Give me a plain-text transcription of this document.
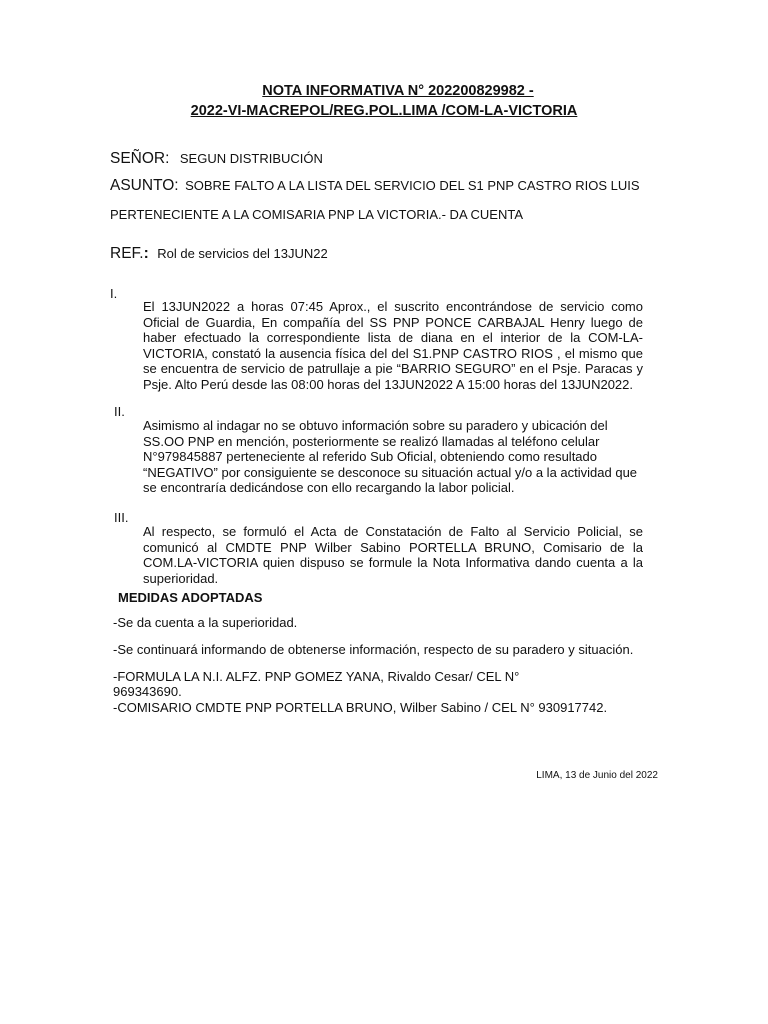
NOTA INFORMATIVA N° 202200829982 -
2022-VI-MACREPOL/REG.POL.LIMA /COM-LA-VICTORIA
SEÑOR: SEGUN DISTRIBUCIÓN
ASUNTO: SOBRE FALTO A LA LISTA DEL SERVICIO DEL S1 PNP CASTRO RIOS LUIS
PERTENECIENTE A LA COMISARIA PNP LA VICTORIA.- DA CUENTA
REF.: Rol de servicios del 13JUN22
I.
El 13JUN2022 a horas 07:45 Aprox., el suscrito encontrándose de servicio como Oficial de Guardia, En compañía del SS PNP PONCE CARBAJAL Henry luego de haber efectuado la correspondiente lista de diana en el interior de la COM-LA-VICTORIA, constató la ausencia física del del S1.PNP CASTRO RIOS , el mismo que se encuentra de servicio de patrullaje a pie “BARRIO SEGURO” en el Psje. Paracas y Psje. Alto Perú desde las 08:00 horas del 13JUN2022 A 15:00 horas del 13JUN2022.
II.
Asimismo al indagar no se obtuvo información sobre su paradero y ubicación del
SS.OO PNP en mención, posteriormente se realizó llamadas al teléfono celular
N°979845887 perteneciente al referido Sub Oficial, obteniendo como resultado
“NEGATIVO” por consiguiente se desconoce su situación actual y/o a la actividad que
se encontraría dedicándose con ello recargando la labor policial.
III.
Al respecto, se formuló el Acta de Constatación de Falto al Servicio Policial, se comunicó al CMDTE PNP Wilber Sabino PORTELLA BRUNO, Comisario de la COM.LA-VICTORIA quien dispuso se formule la Nota Informativa dando cuenta a la superioridad.
MEDIDAS ADOPTADAS
-Se da cuenta a la superioridad.
-Se continuará informando de obtenerse información, respecto de su paradero y situación.
-FORMULA LA N.I. ALFZ. PNP GOMEZ YANA, Rivaldo Cesar/ CEL N°
969343690.
-COMISARIO CMDTE PNP PORTELLA BRUNO, Wilber Sabino / CEL N° 930917742.
LIMA, 13 de Junio del 2022
